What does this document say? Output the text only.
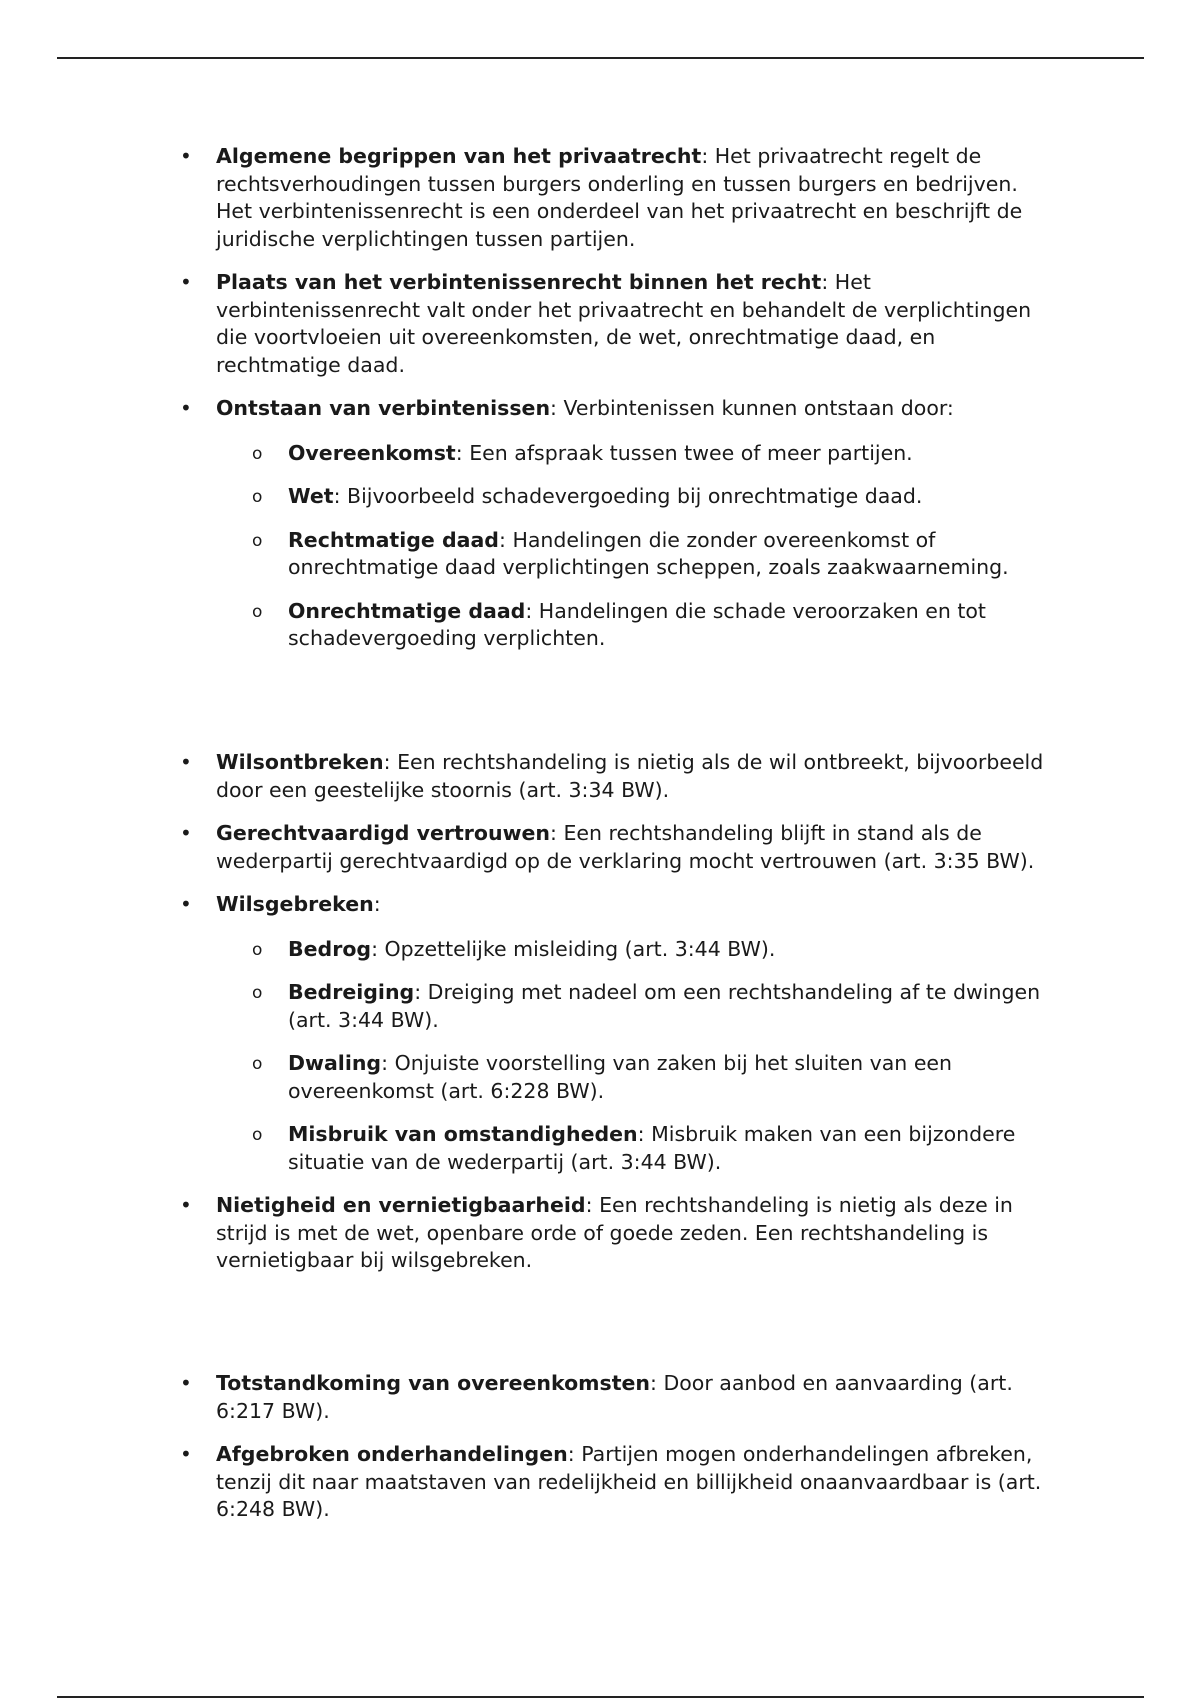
• Algemene begrippen van het privaatrecht: Het privaatrecht regelt de rechtsverhoudingen tussen burgers onderling en tussen burgers en bedrijven. Het verbintenissenrecht is een onderdeel van het privaatrecht en beschrijft de juridische verplichtingen tussen partijen.
• Plaats van het verbintenissenrecht binnen het recht: Het verbintenissenrecht valt onder het privaatrecht en behandelt de verplichtingen die voortvloeien uit overeenkomsten, de wet, onrechtmatige daad, en rechtmatige daad.
• Ontstaan van verbintenissen: Verbintenissen kunnen ontstaan door:
o Overeenkomst: Een afspraak tussen twee of meer partijen.
o Wet: Bijvoorbeeld schadevergoeding bij onrechtmatige daad.
o Rechtmatige daad: Handelingen die zonder overeenkomst of onrechtmatige daad verplichtingen scheppen, zoals zaakwaarneming.
o Onrechtmatige daad: Handelingen die schade veroorzaken en tot schadevergoeding verplichten.
• Wilsontbreken: Een rechtshandeling is nietig als de wil ontbreekt, bijvoorbeeld door een geestelijke stoornis (art. 3:34 BW).
• Gerechtvaardigd vertrouwen: Een rechtshandeling blijft in stand als de wederpartij gerechtvaardigd op de verklaring mocht vertrouwen (art. 3:35 BW).
• Wilsgebreken:
o Bedrog: Opzettelijke misleiding (art. 3:44 BW).
o Bedreiging: Dreiging met nadeel om een rechtshandeling af te dwingen (art. 3:44 BW).
o Dwaling: Onjuiste voorstelling van zaken bij het sluiten van een overeenkomst (art. 6:228 BW).
o Misbruik van omstandigheden: Misbruik maken van een bijzondere situatie van de wederpartij (art. 3:44 BW).
• Nietigheid en vernietigbaarheid: Een rechtshandeling is nietig als deze in strijd is met de wet, openbare orde of goede zeden. Een rechtshandeling is vernietigbaar bij wilsgebreken.
• Totstandkoming van overeenkomsten: Door aanbod en aanvaarding (art. 6:217 BW).
• Afgebroken onderhandelingen: Partijen mogen onderhandelingen afbreken, tenzij dit naar maatstaven van redelijkheid en billijkheid onaanvaardbaar is (art. 6:248 BW).
